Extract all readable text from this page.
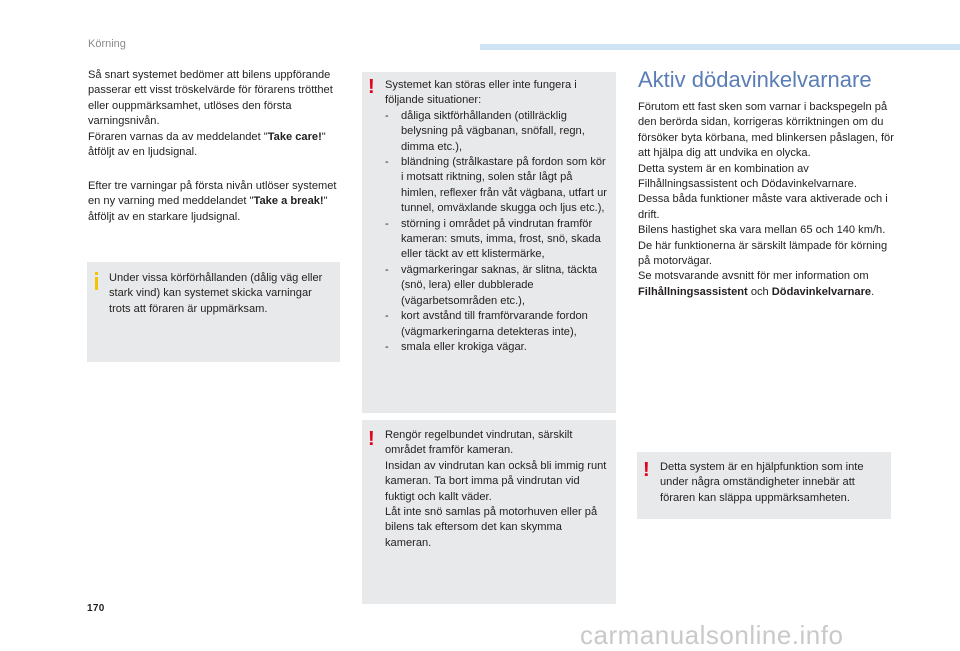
Körning

Så snart systemet bedömer att bilens uppförande passerar ett visst tröskelvärde för förarens trötthet eller ouppmärksamhet, utlöses den första varningsnivån.

Föraren varnas da av meddelandet "Take care!" åtföljt av en ljudsignal.

Efter tre varningar på första nivån utlöser systemet en ny varning med meddelandet "Take a break!" åtföljt av en starkare ljudsignal.

Under vissa körförhållanden (dålig väg eller stark vind) kan systemet skicka varningar trots att föraren är uppmärksam.
! Systemet kan störas eller inte fungera i följande situationer:

- dåliga siktförhållanden (otillräcklig belysning på vägbanan, snöfall, regn, dimma etc.),
- bländning (strålkastare på fordon som kör i motsatt riktning, solen står lågt på himlen, reflexer från våt vägbana, utfart ur tunnel, omväxlande skugga och ljus etc.),
- störning i området på vindrutan framför kameran: smuts, imma, frost, snö, skada eller täckt av ett klistermärke,
- vägmarkeringar saknas, är slitna, täckta (snö, lera) eller dubblerade (vägarbetsområden etc.),
- kort avstånd till framförvarande fordon (vägmarkeringarna detekteras inte),
- smala eller krokiga vägar.
! Rengör regelbundet vindrutan, särskilt området framför kameran.

Insidan av vindrutan kan också bli immig runt kameran. Ta bort imma på vindrutan vid fuktigt och kallt väder.

Låt inte snö samlas på motorhuven eller på bilens tak eftersom det kan skymma kameran.

Aktiv dödavinkelvarnare

Förutom ett fast sken som varnar i backspegeln på den berörda sidan, korrigeras körriktningen om du försöker byta körbana, med blinkersen påslagen, för att hjälpa dig att undvika en olycka.

Detta system är en kombination av Filhållningsassistent och Dödavinkelvarnare.

Dessa båda funktioner måste vara aktiverade och i drift.

Bilens hastighet ska vara mellan 65 och 140 km/h.

De här funktionerna är särskilt lämpade för körning på motorvägar.

Se motsvarande avsnitt för mer information om Filhållningsassistent och Dödavinkelvarnare.

! Detta system är en hjälpfunktion som inte under några omständigheter innebär att föraren kan släppa uppmärksamheten.
170
carmanualsonline.info
